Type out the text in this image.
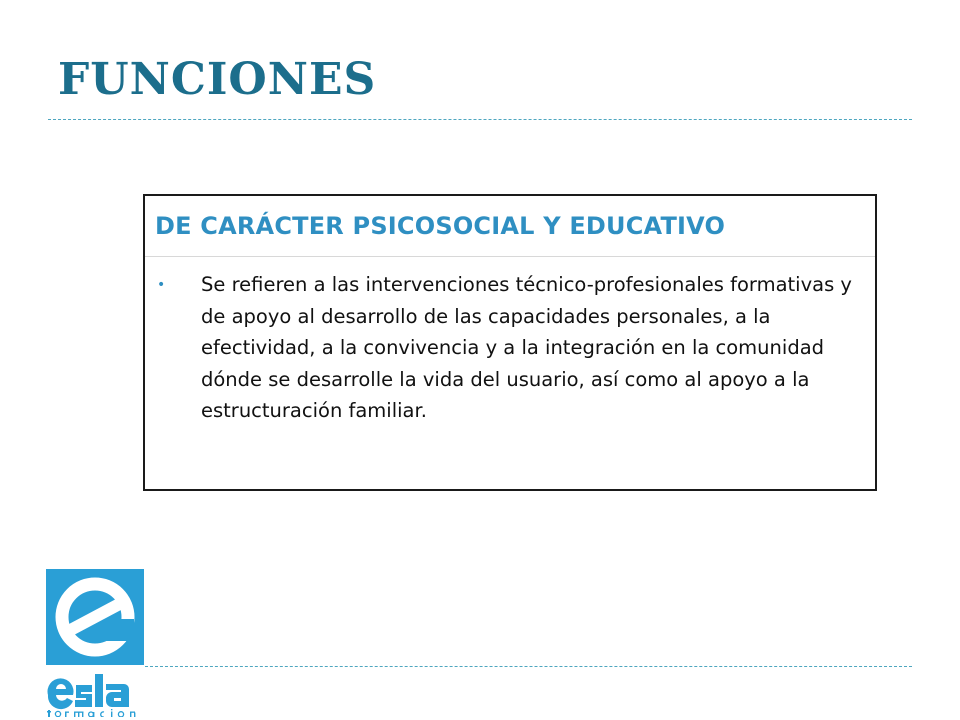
FUNCIONES
DE CARÁCTER PSICOSOCIAL Y EDUCATIVO
• Se refieren a las intervenciones técnico-profesionales formativas y de apoyo al desarrollo de las capacidades personales, a la efectividad, a la convivencia y a la integración en la comunidad dónde se desarrolle la vida del usuario, así como al apoyo a la estructuración familiar.
